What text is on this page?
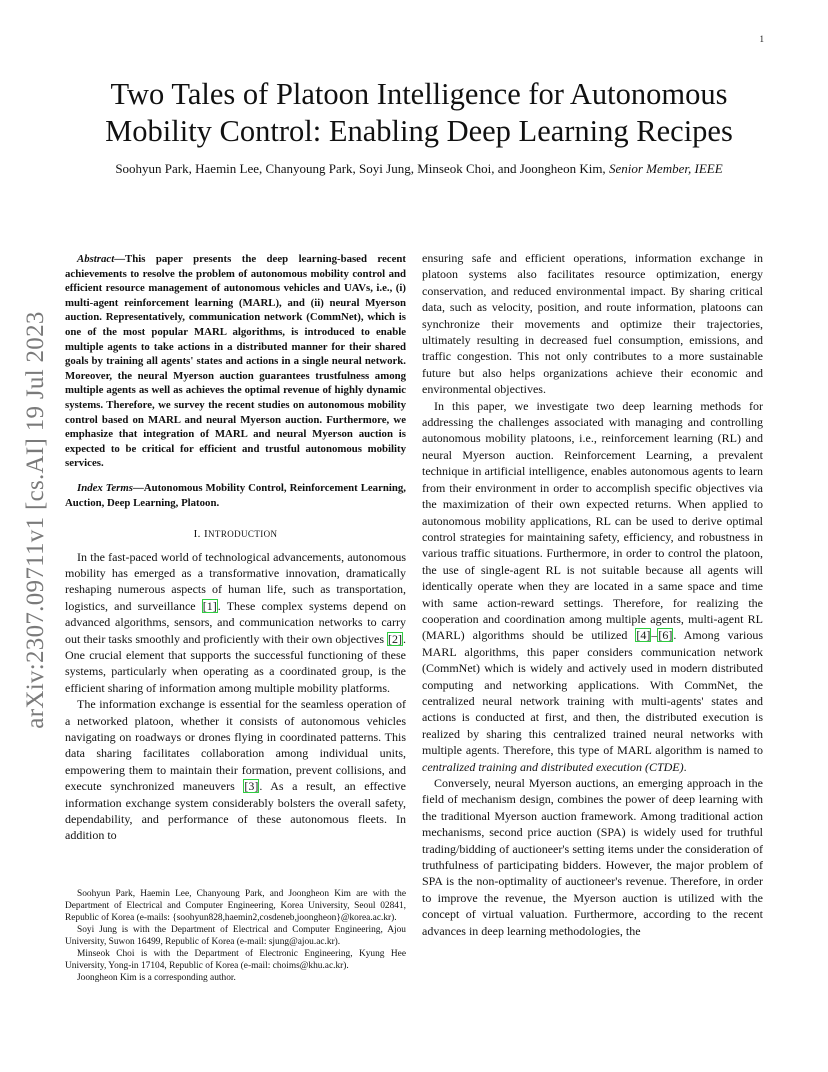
1
arXiv:2307.09711v1 [cs.AI] 19 Jul 2023
Two Tales of Platoon Intelligence for Autonomous Mobility Control: Enabling Deep Learning Recipes
Soohyun Park, Haemin Lee, Chanyoung Park, Soyi Jung, Minseok Choi, and Joongheon Kim, Senior Member, IEEE

Abstract—This paper presents the deep learning-based recent achievements to resolve the problem of autonomous mobility control and efficient resource management of autonomous vehicles and UAVs, i.e., (i) multi-agent reinforcement learning (MARL), and (ii) neural Myerson auction. Representatively, communication network (CommNet), which is one of the most popular MARL algorithms, is introduced to enable multiple agents to take actions in a distributed manner for their shared goals by training all agents' states and actions in a single neural network. Moreover, the neural Myerson auction guarantees trustfulness among multiple agents as well as achieves the optimal revenue of highly dynamic systems. Therefore, we survey the recent studies on autonomous mobility control based on MARL and neural Myerson auction. Furthermore, we emphasize that integration of MARL and neural Myerson auction is expected to be critical for efficient and trustful autonomous mobility services.

Index Terms—Autonomous Mobility Control, Reinforcement Learning, Auction, Deep Learning, Platoon.

I. INTRODUCTION

In the fast-paced world of technological advancements, autonomous mobility has emerged as a transformative innovation, dramatically reshaping numerous aspects of human life, such as transportation, logistics, and surveillance [1]. These complex systems depend on advanced algorithms, sensors, and communication networks to carry out their tasks smoothly and proficiently with their own objectives [2]. One crucial element that supports the successful functioning of these systems, particularly when operating as a coordinated group, is the efficient sharing of information among multiple mobility platforms.

The information exchange is essential for the seamless operation of a networked platoon, whether it consists of autonomous vehicles navigating on roadways or drones flying in coordinated patterns. This data sharing facilitates collaboration among individual units, empowering them to maintain their formation, prevent collisions, and execute synchronized maneuvers [3]. As a result, an effective information exchange system considerably bolsters the overall safety, dependability, and performance of these autonomous fleets. In addition to

Soohyun Park, Haemin Lee, Chanyoung Park, and Joongheon Kim are with the Department of Electrical and Computer Engineering, Korea University, Seoul 02841, Republic of Korea (e-mails: {soohyun828,haemin2,cosdeneb,joongheon}@korea.ac.kr).

Soyi Jung is with the Department of Electrical and Computer Engineering, Ajou University, Suwon 16499, Republic of Korea (e-mail: sjung@ajou.ac.kr).

Minseok Choi is with the Department of Electronic Engineering, Kyung Hee University, Yong-in 17104, Republic of Korea (e-mail: choims@khu.ac.kr).

Joongheon Kim is a corresponding author.

ensuring safe and efficient operations, information exchange in platoon systems also facilitates resource optimization, energy conservation, and reduced environmental impact. By sharing critical data, such as velocity, position, and route information, platoons can synchronize their movements and optimize their trajectories, ultimately resulting in decreased fuel consumption, emissions, and traffic congestion. This not only contributes to a more sustainable future but also helps organizations achieve their economic and environmental objectives.

In this paper, we investigate two deep learning methods for addressing the challenges associated with managing and controlling autonomous mobility platoons, i.e., reinforcement learning (RL) and neural Myerson auction. Reinforcement Learning, a prevalent technique in artificial intelligence, enables autonomous agents to learn from their environment in order to accomplish specific objectives via the maximization of their own expected returns. When applied to autonomous mobility applications, RL can be used to derive optimal control strategies for maintaining safety, efficiency, and robustness in various traffic situations. Furthermore, in order to control the platoon, the use of single-agent RL is not suitable because all agents will identically operate when they are located in a same space and time with same action-reward settings. Therefore, for realizing the cooperation and coordination among multiple agents, multi-agent RL (MARL) algorithms should be utilized [4]–[6]. Among various MARL algorithms, this paper considers communication network (CommNet) which is widely and actively used in modern distributed computing and networking applications. With CommNet, the centralized neural network training with multi-agents' states and actions is conducted at first, and then, the distributed execution is realized by sharing this centralized trained neural networks with multiple agents. Therefore, this type of MARL algorithm is named to centralized training and distributed execution (CTDE).

Conversely, neural Myerson auctions, an emerging approach in the field of mechanism design, combines the power of deep learning with the traditional Myerson auction framework. Among traditional action mechanisms, second price auction (SPA) is widely used for truthful trading/bidding of auctioneer's setting items under the consideration of truthfulness of participating bidders. However, the major problem of SPA is the non-optimality of auctioneer's revenue. Therefore, in order to improve the revenue, the Myerson auction is utilized with the concept of virtual valuation. Furthermore, according to the recent advances in deep learning methodologies, the
